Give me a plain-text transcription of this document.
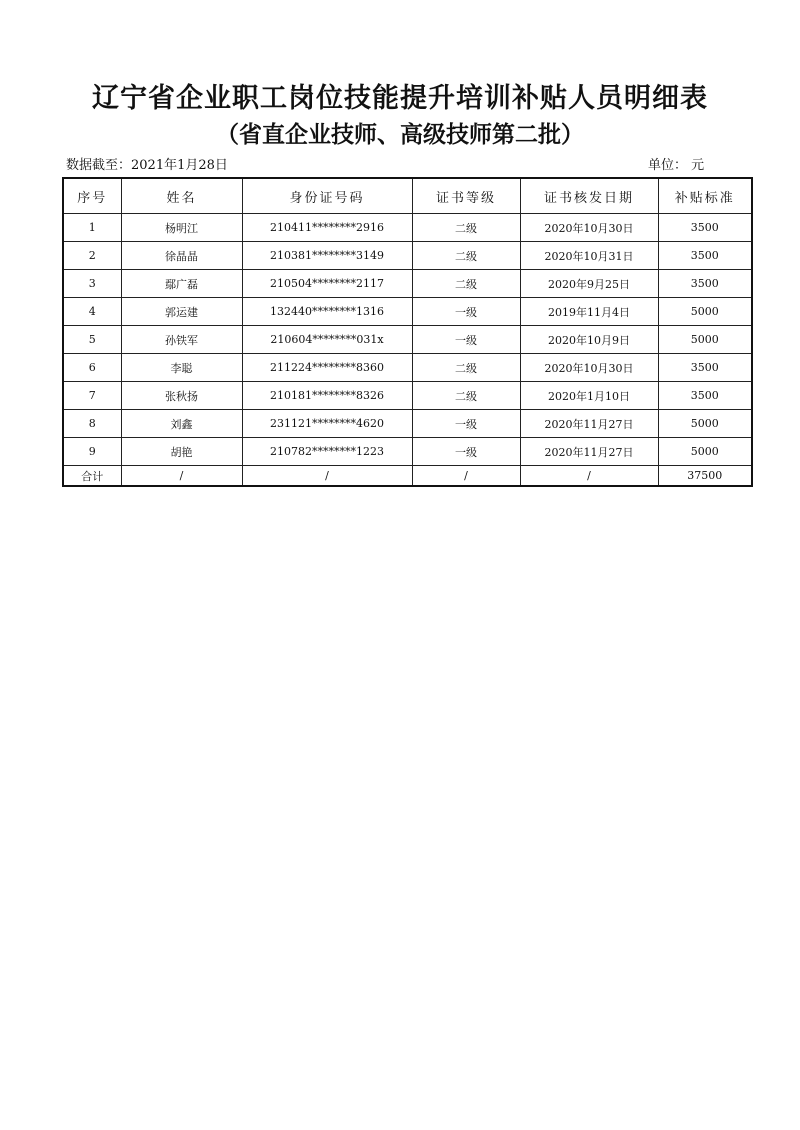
辽宁省企业职工岗位技能提升培训补贴人员明细表
（省直企业技师、高级技师第二批）
数据截至：2021年1月28日	单位： 元
序号	姓名	身份证号码	证书等级	证书核发日期	补贴标准
1	杨明江	210411********2916	二级	2020年10月30日	3500
2	徐晶晶	210381********3149	二级	2020年10月31日	3500
3	鄢广磊	210504********2117	二级	2020年9月25日	3500
4	郭运建	132440********1316	一级	2019年11月4日	5000
5	孙铁军	210604********031x	一级	2020年10月9日	5000
6	李聪	211224********8360	二级	2020年10月30日	3500
7	张秋扬	210181********8326	二级	2020年1月10日	3500
8	刘鑫	231121********4620	一级	2020年11月27日	5000
9	胡艳	210782********1223	一级	2020年11月27日	5000
合计	/	/	/	/	37500
